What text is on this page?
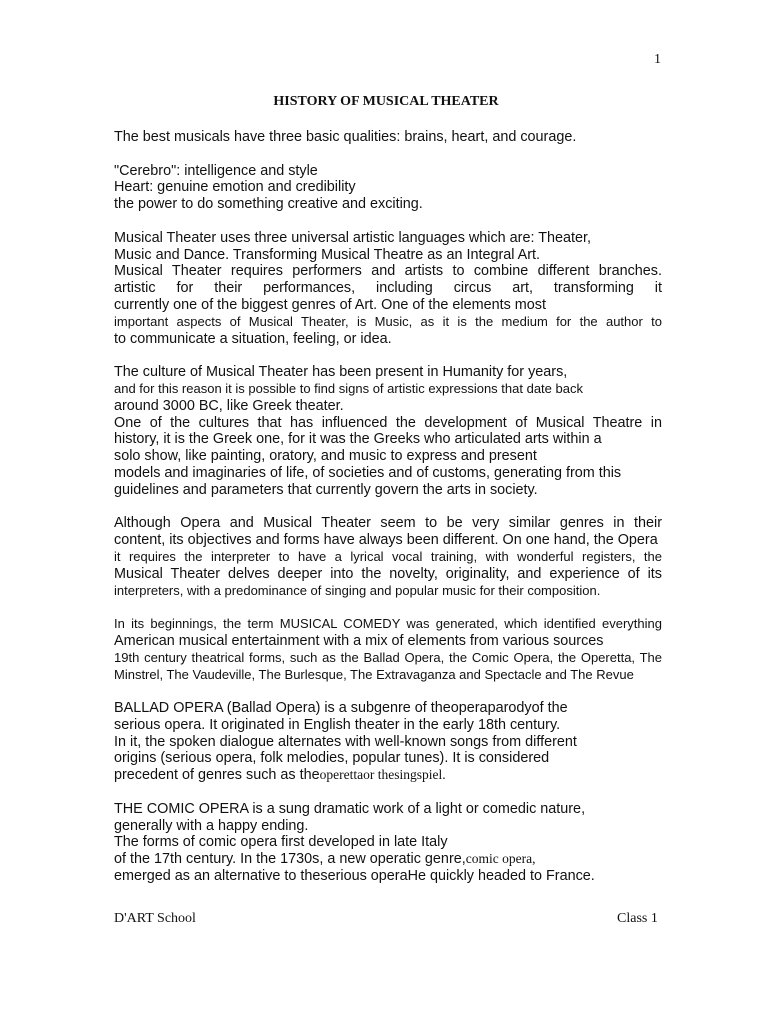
1
HISTORY OF MUSICAL THEATER
The best musicals have three basic qualities: brains, heart, and courage.
"Cerebro": intelligence and style
Heart: genuine emotion and credibility
the power to do something creative and exciting.
Musical Theater uses three universal artistic languages which are: Theater,
Music and Dance. Transforming Musical Theatre as an Integral Art.
Musical Theater requires performers and artists to combine different branches.
artistic for their performances, including circus art, transforming it
currently one of the biggest genres of Art. One of the elements most
important aspects of Musical Theater, is Music, as it is the medium for the author to
to communicate a situation, feeling, or idea.
The culture of Musical Theater has been present in Humanity for years,
and for this reason it is possible to find signs of artistic expressions that date back
around 3000 BC, like Greek theater.
One of the cultures that has influenced the development of Musical Theatre in
history, it is the Greek one, for it was the Greeks who articulated arts within a
solo show, like painting, oratory, and music to express and present
models and imaginaries of life, of societies and of customs, generating from this
guidelines and parameters that currently govern the arts in society.
Although Opera and Musical Theater seem to be very similar genres in their
content, its objectives and forms have always been different. On one hand, the Opera
it requires the interpreter to have a lyrical vocal training, with wonderful registers, the
Musical Theater delves deeper into the novelty, originality, and experience of its
interpreters, with a predominance of singing and popular music for their composition.
In its beginnings, the term MUSICAL COMEDY was generated, which identified everything
American musical entertainment with a mix of elements from various sources
19th century theatrical forms, such as the Ballad Opera, the Comic Opera, the Operetta, The
Minstrel, The Vaudeville, The Burlesque, The Extravaganza and Spectacle and The Revue
BALLAD OPERA (Ballad Opera) is a subgenre of theoperaparodyof the
serious opera. It originated in English theater in the early 18th century.
In it, the spoken dialogue alternates with well-known songs from different
origins (serious opera, folk melodies, popular tunes). It is considered
precedent of genres such as theoperettaor thesingspiel.
THE COMIC OPERA is a sung dramatic work of a light or comedic nature,
generally with a happy ending.
The forms of comic opera first developed in late Italy
of the 17th century. In the 1730s, a new operatic genre,comic opera,
emerged as an alternative to theserious operaHe quickly headed to France.
D'ART School	Class 1
